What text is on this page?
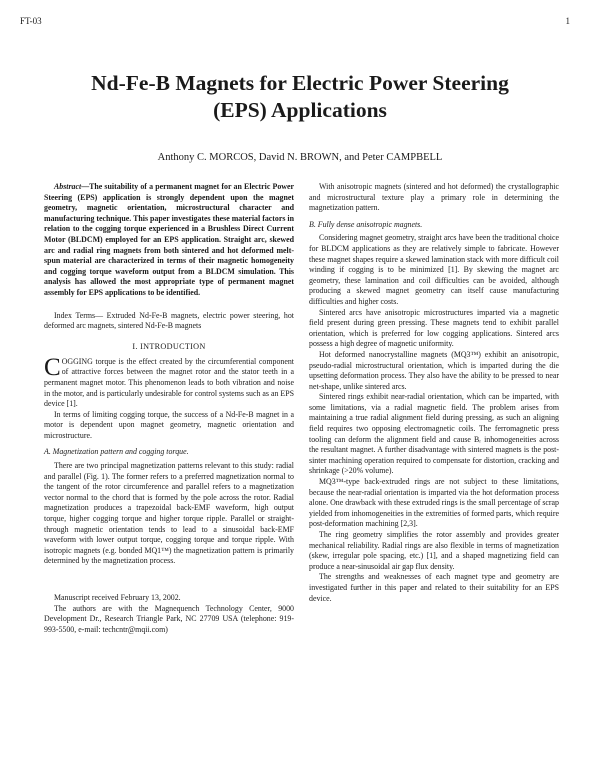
FT-03	1
Nd-Fe-B Magnets for Electric Power Steering
(EPS) Applications
Anthony C. MORCOS, David N. BROWN, and Peter CAMPBELL

Abstract—The suitability of a permanent magnet for an Electric Power Steering (EPS) application is strongly dependent upon the magnet geometry, magnetic orientation, microstructural character and manufacturing technique. This paper investigates these material factors in relation to the cogging torque experienced in a Brushless Direct Current Motor (BLDCM) employed for an EPS application. Straight arc, skewed arc and radial ring magnets from both sintered and hot deformed melt-spun material are characterized in terms of their magnetic homogeneity and cogging torque waveform output from a BLDCM simulation. This analysis has allowed the most appropriate type of permanent magnet assembly for EPS applications to be identified.

Index Terms— Extruded Nd-Fe-B magnets, electric power steering, hot deformed arc magnets, sintered Nd-Fe-B magnets

I. INTRODUCTION

COGGING torque is the effect created by the circumferential component of attractive forces between the magnet rotor and the stator teeth in a permanent magnet motor. This phenomenon leads to both vibration and noise in the motor, and is particularly undesirable for control systems such as an EPS device [1].

In terms of limiting cogging torque, the success of a Nd-Fe-B magnet in a motor is dependent upon magnet geometry, magnetic orientation and microstructure.

A. Magnetization pattern and cogging torque.

There are two principal magnetization patterns relevant to this study: radial and parallel (Fig. 1). The former refers to a preferred magnetization normal to the tangent of the rotor circumference and parallel refers to a magnetization vector normal to the chord that is formed by the pole across the rotor. Radial magnetization produces a trapezoidal back-EMF waveform, high output torque, higher cogging torque and higher torque ripple. Parallel or straight-through magnetic orientation tends to lead to a sinusoidal back-EMF waveform with lower output torque, cogging torque and torque ripple. With isotropic magnets (e.g. bonded MQ1™) the magnetization pattern is primarily determined by the magnetization process.

Manuscript received February 13, 2002.

The authors are with the Magnequench Technology Center, 9000 Development Dr., Research Triangle Park, NC 27709 USA (telephone: 919-993-5500, e-mail: techcntr@mqii.com)

With anisotropic magnets (sintered and hot deformed) the crystallographic and microstructural texture play a primary role in determining the magnetization pattern.

B. Fully dense anisotropic magnets.

Considering magnet geometry, straight arcs have been the traditional choice for BLDCM applications as they are relatively simple to fabricate. However these magnet shapes require a skewed lamination stack with more difficult coil winding if cogging is to be minimized [1]. By skewing the magnet arc geometry, these lamination and coil difficulties can be avoided, although producing a skewed magnet geometry can itself cause manufacturing difficulties and higher costs.

Sintered arcs have anisotropic microstructures imparted via a magnetic field present during green pressing. These magnets tend to exhibit parallel orientation, which is preferred for low cogging applications. Sintered arcs possess a high degree of magnetic uniformity.

Hot deformed nanocrystalline magnets (MQ3™) exhibit an anisotropic, pseudo-radial microstructural orientation, which is imparted during the die upsetting deformation process. They also have the ability to be pressed to near net-shape, unlike sintered arcs.

Sintered rings exhibit near-radial orientation, which can be imparted, with some limitations, via a radial magnetic field. The problem arises from maintaining a true radial alignment field during pressing, as such an aligning field requires two opposing electromagnetic coils. The ferromagnetic press tooling can deform the alignment field and cause Bᵣ inhomogeneities across the resultant magnet. A further disadvantage with sintered magnets is the post-sinter machining operation required to compensate for distortion, cracking and shrinkage (>20% volume).

MQ3™-type back-extruded rings are not subject to these limitations, because the near-radial orientation is imparted via the hot deformation process alone. One drawback with these extruded rings is the small percentage of scrap yielded from inhomogeneities in the extremities of formed parts, which require post-deformation machining [2,3].

The ring geometry simplifies the rotor assembly and provides greater mechanical reliability. Radial rings are also flexible in terms of magnetization (skew, irregular pole spacing, etc.) [1], and a shaped magnetizing field can produce a near-sinusoidal air gap flux density.

The strengths and weaknesses of each magnet type and geometry are investigated further in this paper and related to their suitability for an EPS device.
